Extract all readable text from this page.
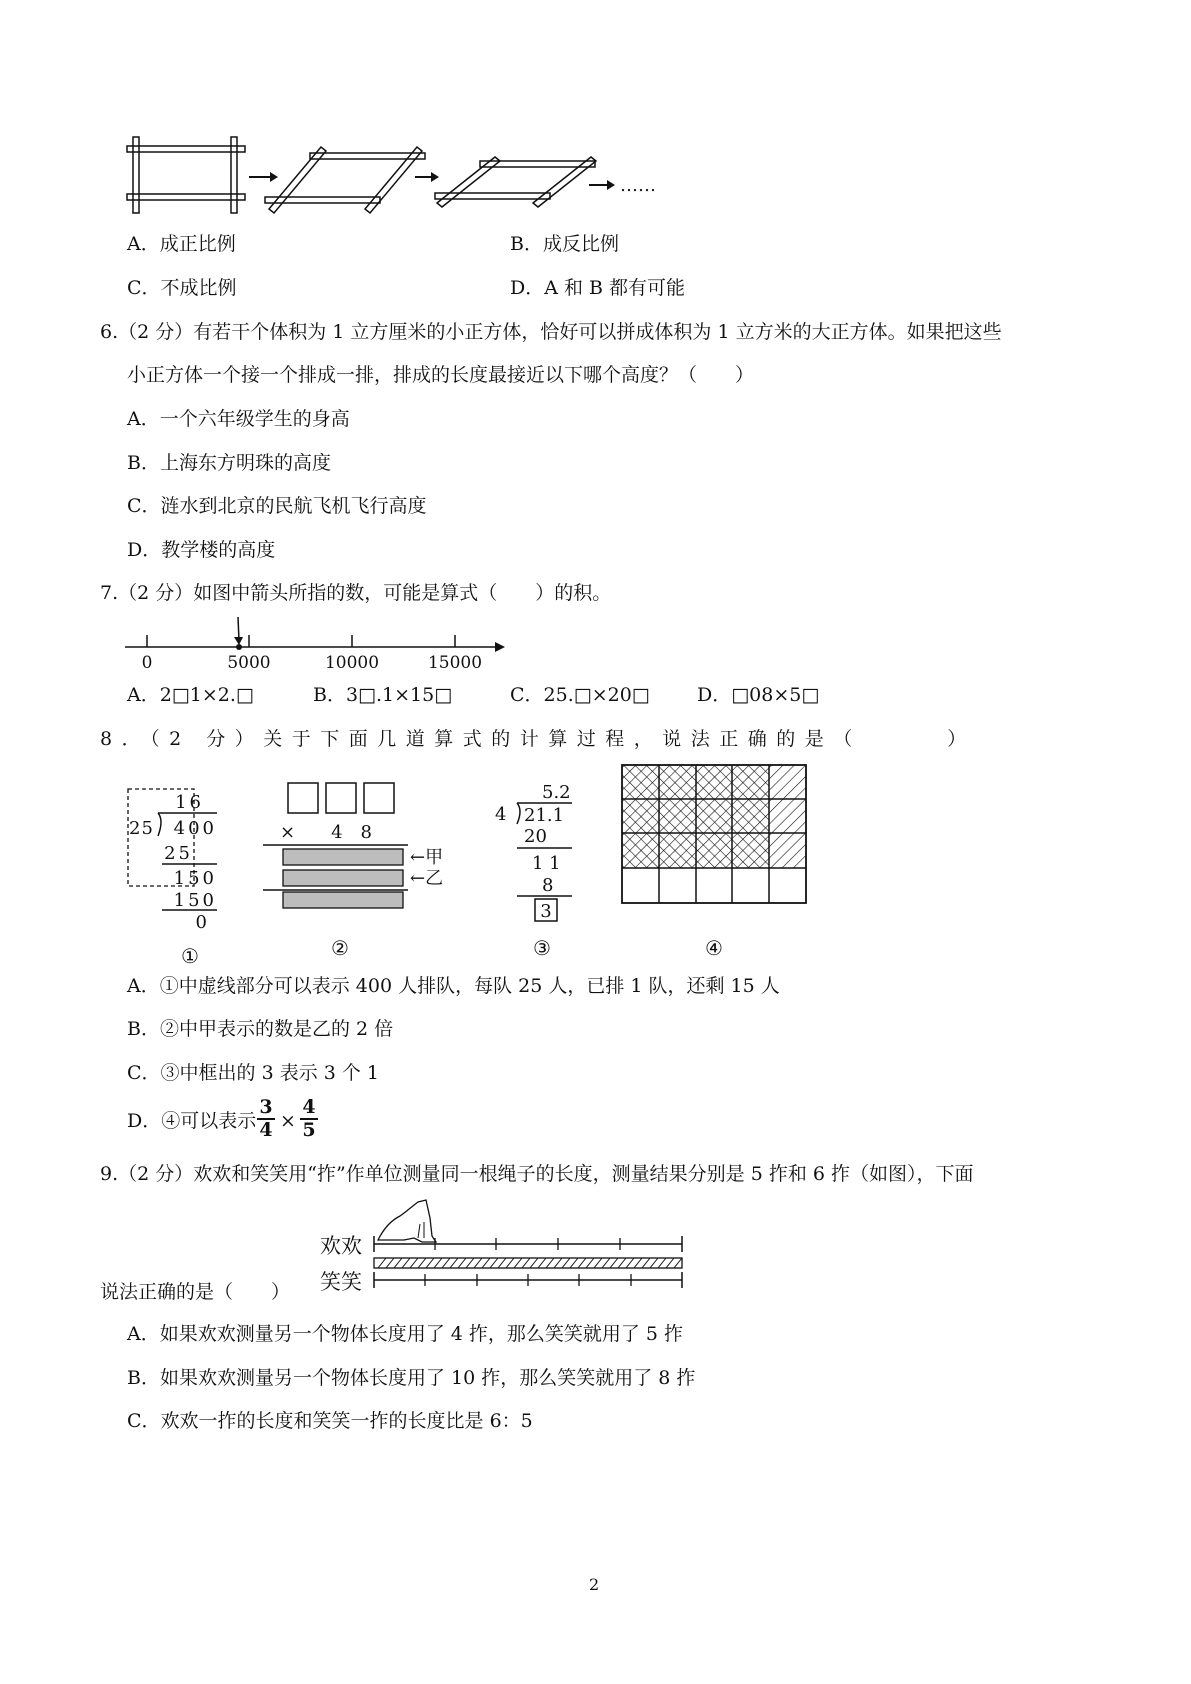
……
A．成正比例	B．成反比例
C．不成比例	D．A 和 B 都有可能
6.（2 分）有若干个体积为 1 立方厘米的小正方体，恰好可以拼成体积为 1 立方米的大正方体。如果把这些
小正方体一个接一个排成一排，排成的长度最接近以下哪个高度？（　　）
A．一个六年级学生的身高
B．上海东方明珠的高度
C．涟水到北京的民航飞机飞行高度
D．教学楼的高度
7.（2 分）如图中箭头所指的数，可能是算式（　　）的积。
0	5000	10000	15000
A．2□1×2.□	B．3□.1×15□	C．25.□×20□ D．□08×5□
8．（2 分）关于下面几道算式的计算过程，说法正确的是（　　　）
16
25 400
25
150
150
0
①
×　　4　8
←甲
←乙
②
5.2
4 21.1
20
1 1
8
3
③	④
A．①中虚线部分可以表示 400 人排队，每队 25 人，已排 1 队，还剩 15 人
B．②中甲表示的数是乙的 2 倍
C．③中框出的 3 表示 3 个 1
D．④可以表示
3
4 ×
4
5
9.（2 分）欢欢和笑笑用“拃”作单位测量同一根绳子的长度，测量结果分别是 5 拃和 6 拃（如图），下面
欢欢
笑笑
说法正确的是（　　）
A．如果欢欢测量另一个物体长度用了 4 拃，那么笑笑就用了 5 拃
B．如果欢欢测量另一个物体长度用了 10 拃，那么笑笑就用了 8 拃
C．欢欢一拃的长度和笑笑一拃的长度比是 6：5
2
